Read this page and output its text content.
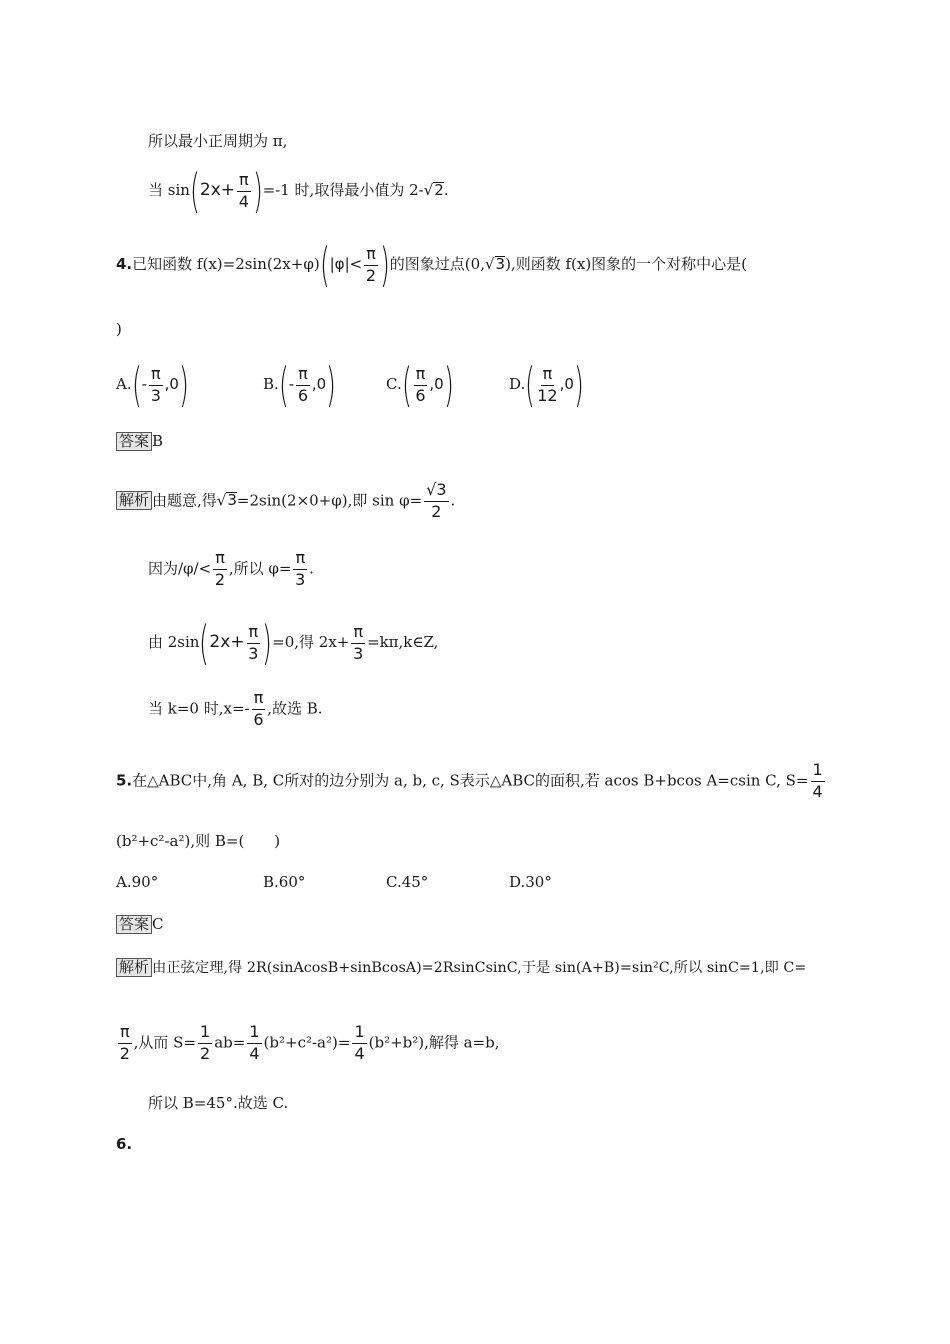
所以最小正周期为 π,
当 $\sin(2x+ \frac{\pi}{4} )=-1$ 时,取得最小值为 2-√2.
4.已知函数 $f(x)=2\sin(2x+\varphi)(|\varphi|< \frac{\pi}{2}$ )的图象过点(0,√3),则函数 f(x)图象的一个对称中心是(
)
$A.(- \frac{\pi}{3} ,0)$	$B.(- \frac{\pi}{6} ,0)$	$C.( \frac{\pi}{6} ,0)$	$D.( \frac{\pi}{12} ,0)$
答案 B
解析 由题意,得√3=2sin(2×0+φ),即 $\sin \varphi= \frac{√3}{2}$ .
因为$/\varphi/< \frac{\pi}{2}$ ,所以 $\varphi= \frac{\pi}{3}$ .
由 $2\sin(2x+ \frac{\pi}{3} )=0$,得 $2x+ \frac{\pi}{3}$ =kπ,k∈Z,
当 k=0 时$,x=- \frac{\pi}{6}$ ,故选 B.
5.在△ABC中,角 A, B, C所对的边分别为 a, b, c, S表示△ABC的面积,若 acos B+bcos A=csin C, $S= \frac{1}{4}$
(b²+c²-a²),则 B=(　　)
A.90°	B.60°	C.45°	D.30°
答案 C
解析 由正弦定理,得 2R(sinAcosB+sinBcosA)=2RsinCsinC,于是 sin(A+B)=sin²C,所以 sinC=1,即 C=
$\frac{\pi}{2}$ ,从而 $S= \frac{1}{2} ab= \frac{1}{4} (b^2+c^2-a^2)= \frac{1}{4} (b^2+b^2)$,解得 a=b,
所以 B=45°.故选 C.
6.
